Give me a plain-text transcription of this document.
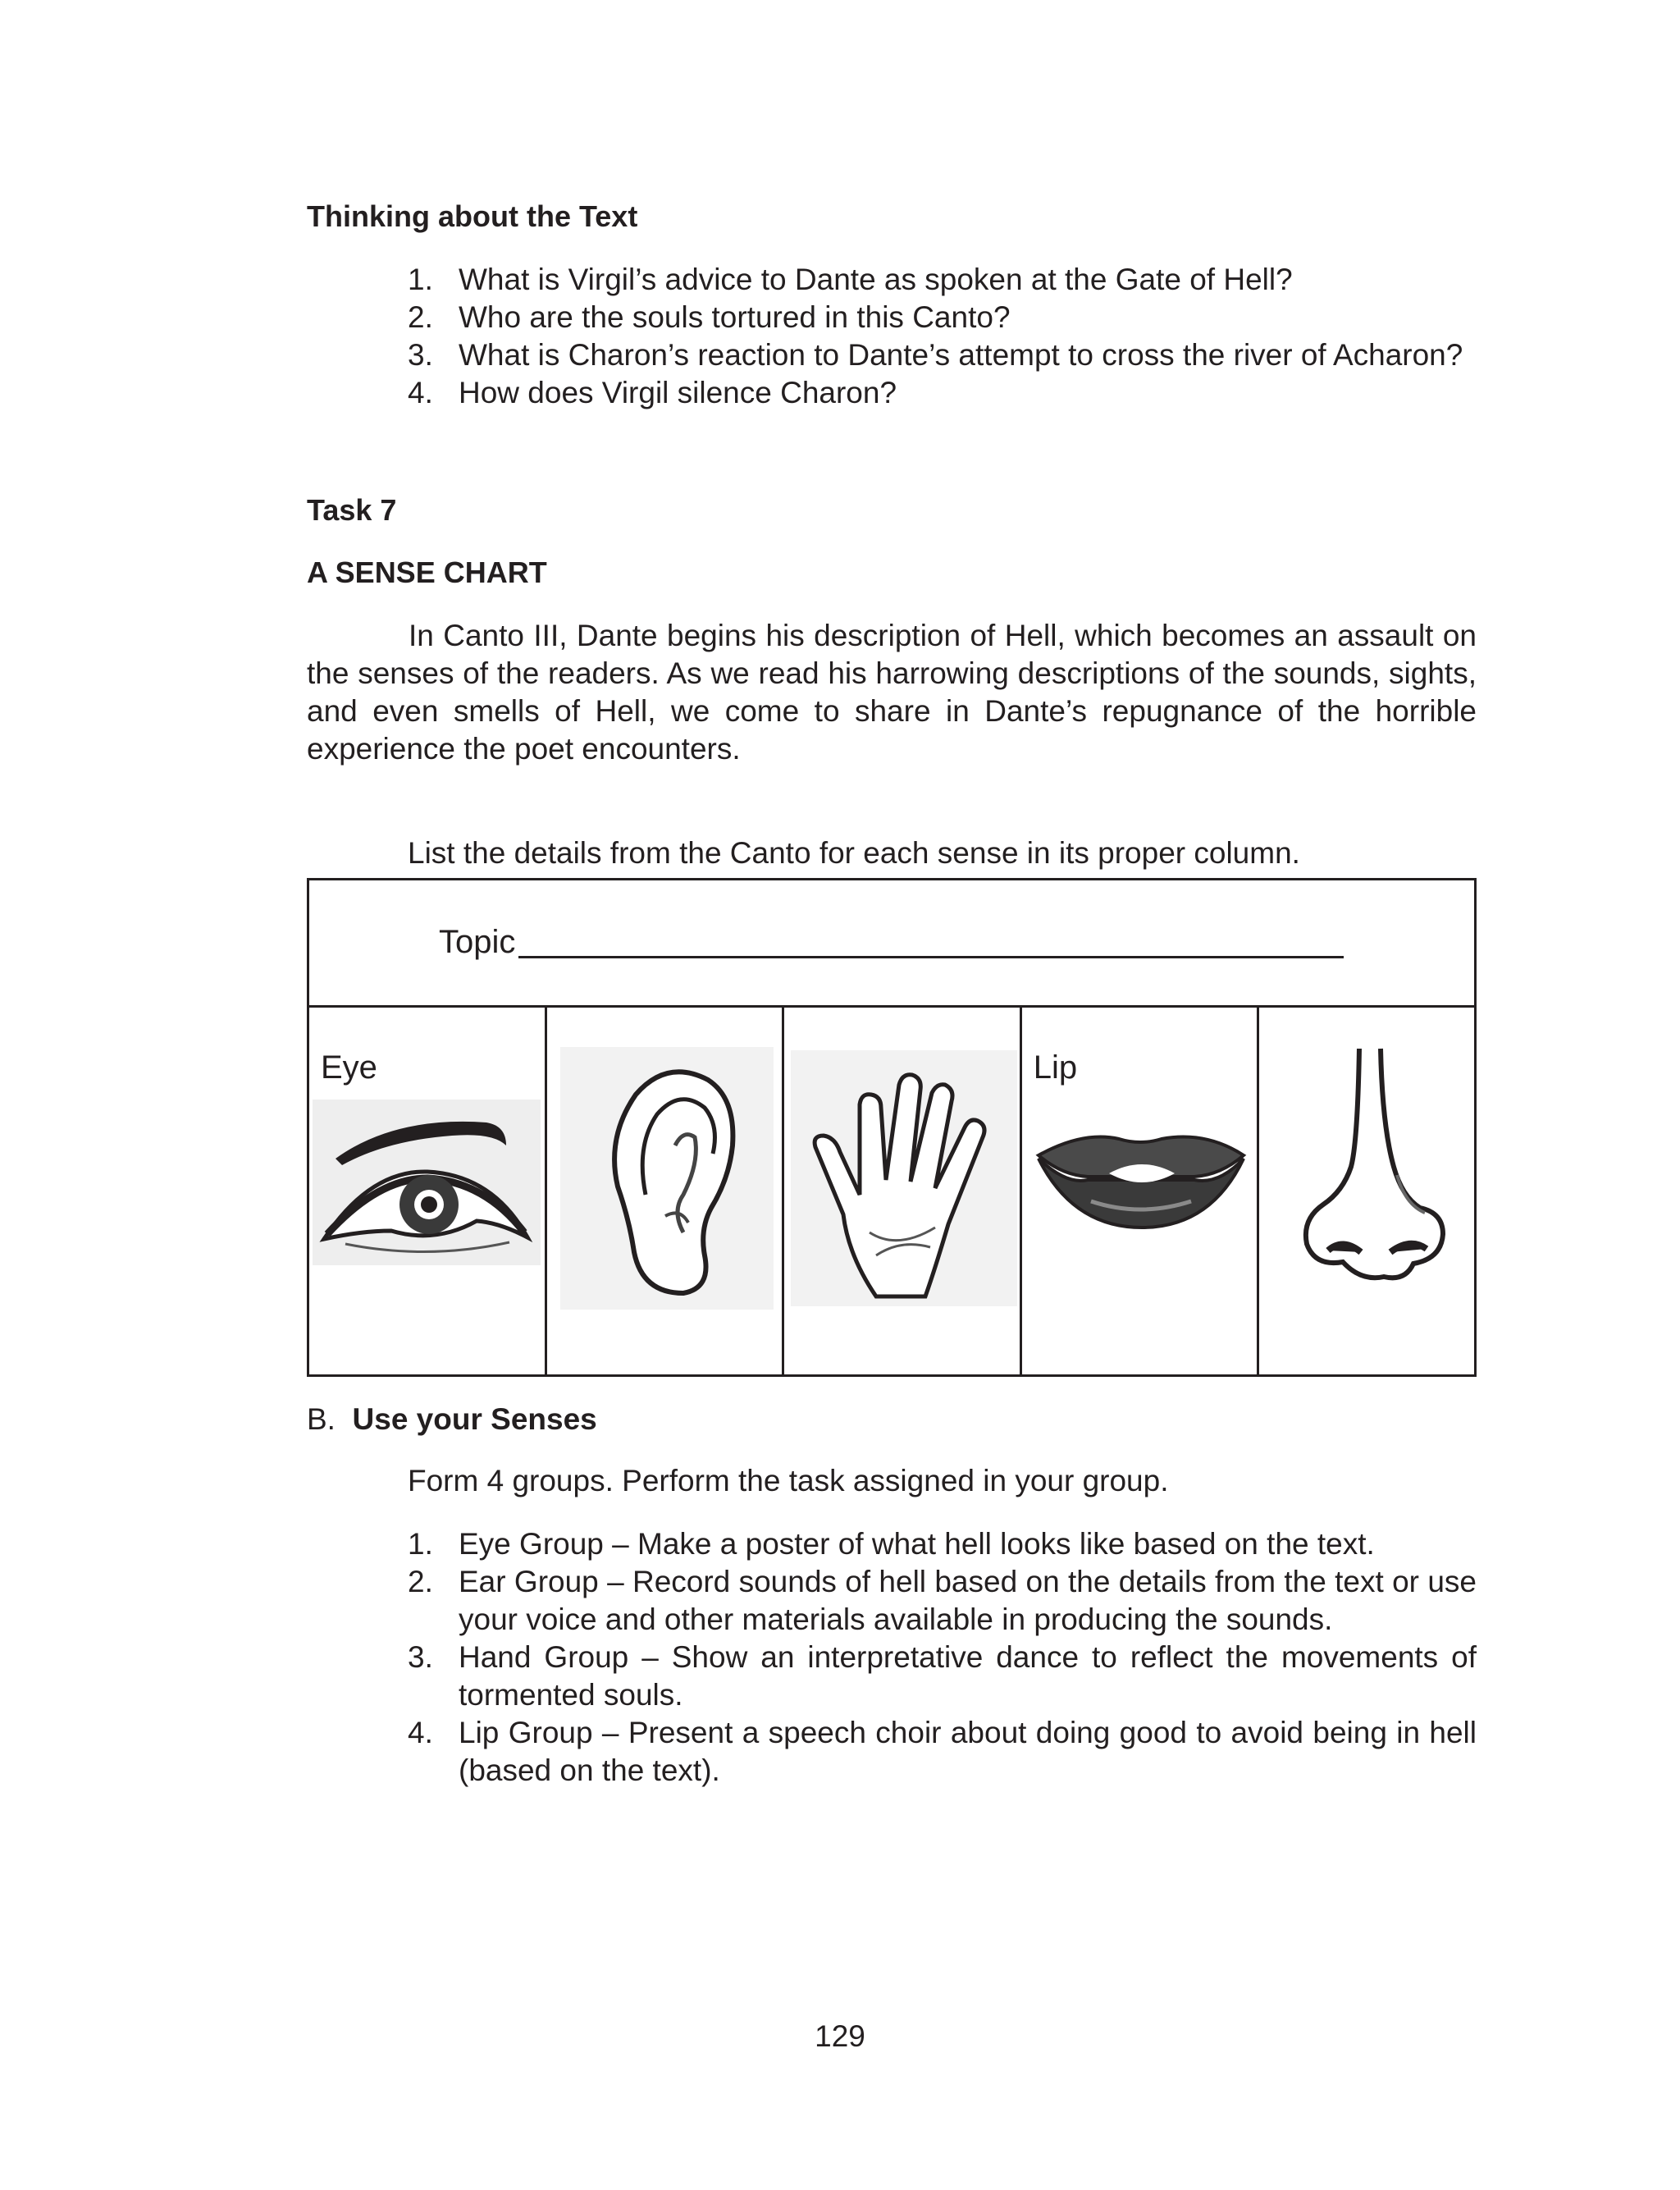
Thinking about the Text
1. What is Virgil’s advice to Dante as spoken at the Gate of Hell?
2. Who are the souls tortured in this Canto?
3. What is Charon’s reaction to Dante’s attempt to cross the river of Acharon?
4. How does Virgil silence Charon?
Task 7
A SENSE CHART

In Canto III, Dante begins his description of Hell, which becomes an assault on the senses of the readers. As we read his harrowing descriptions of the sounds, sights, and even smells of Hell, we come to share in Dante’s repugnance of the horrible experience the poet encounters.

List the details from the Canto for each sense in its proper column.

Topic
Eye	Lip
B. Use your Senses

Form 4 groups. Perform the task assigned in your group.

1. Eye Group – Make a poster of what hell looks like based on the text.
2. Ear Group – Record sounds of hell based on the details from the text or use your voice and other materials available in producing the sounds.
3. Hand Group – Show an interpretative dance to reflect the movements of tormented souls.
4. Lip Group – Present a speech choir about doing good to avoid being in hell (based on the text).
129
